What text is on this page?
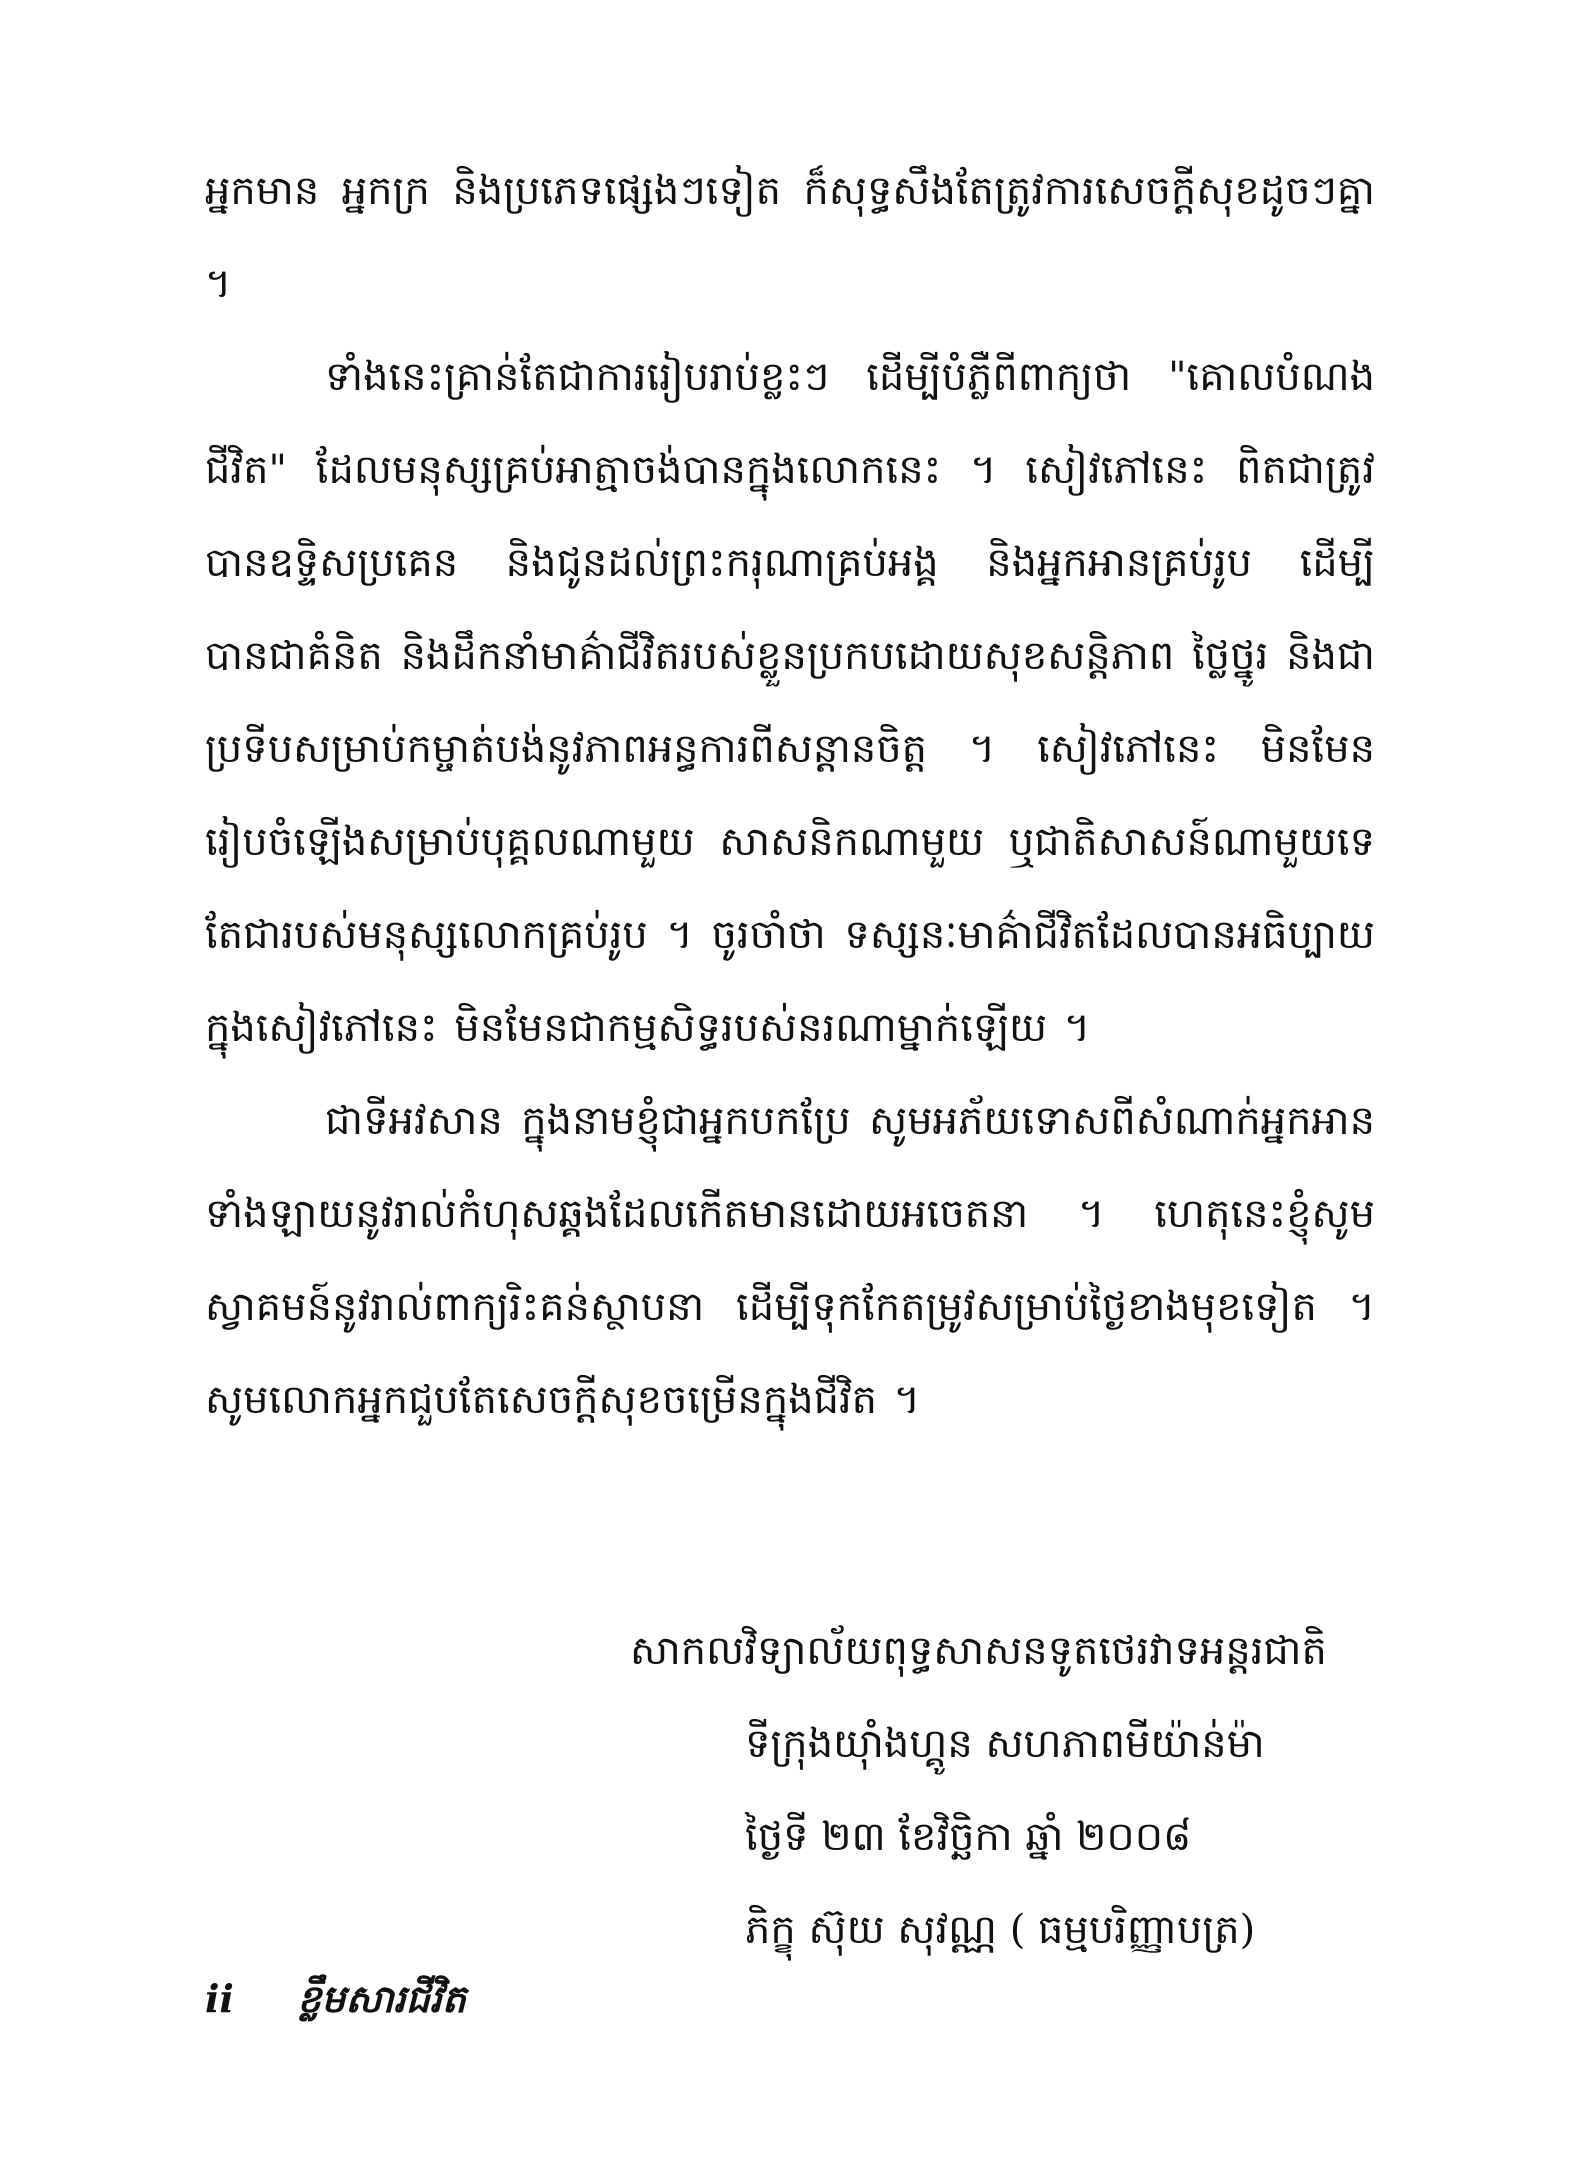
អ្នកមាន អ្នកក្រ និងប្រភេទផ្សេងៗទៀត ក៏សុទ្ធសឹងតែត្រូវការសេចក្តីសុខដូចៗគ្នា ។

ទាំងនេះគ្រាន់តែជាការរៀបរាប់ខ្លះៗ ដើម្បីបំភ្លឺពីពាក្យថា "គោលបំណងជីវិត" ដែលមនុស្សគ្រប់អាត្មាចង់បានក្នុងលោកនេះ ។ សៀវភៅនេះ ពិតជាត្រូវបានឧទ្ទិសប្រគេន និងជូនដល់ព្រះករុណាគ្រប់អង្គ និងអ្នកអានគ្រប់រូប ដើម្បីបានជាគំនិត និងដឹកនាំមាគ៌ាជីវិតរបស់ខ្លួនប្រកបដោយសុខសន្តិភាព ថ្លៃថ្នូរ និងជាប្រទីបសម្រាប់កម្ចាត់បង់នូវភាពអន្ធការពីសន្តានចិត្ត ។ សៀវភៅនេះ មិនមែនរៀបចំឡើងសម្រាប់បុគ្គលណាមួយ សាសនិកណាមួយ ឬជាតិសាសន៍ណាមួយទេ តែជារបស់មនុស្សលោកគ្រប់រូប ។ ចូរចាំថា ទស្សនៈមាគ៌ាជីវិតដែលបានអធិប្បាយក្នុងសៀវភៅនេះ មិនមែនជាកម្មសិទ្ធរបស់នរណាម្នាក់ឡើយ ។

ជាទីអវសាន ក្នុងនាមខ្ញុំជាអ្នកបកប្រែ សូមអភ័យទោសពីសំណាក់អ្នកអានទាំងឡាយនូវរាល់កំហុសឆ្គងដែលកើតមានដោយអចេតនា ។ ហេតុនេះខ្ញុំសូមស្វាគមន៍នូវរាល់ពាក្យរិះគន់ស្ថាបនា ដើម្បីទុកកែតម្រូវសម្រាប់ថ្ងៃខាងមុខទៀត ។ សូមលោកអ្នកជួបតែសេចក្តីសុខចម្រើនក្នុងជីវិត ។

សាកលវិទ្យាល័យពុទ្ធសាសនទូតថេរវាទអន្តរជាតិ
ទីក្រុងយ៉ាំងហ្គូន សហភាពមីយ៉ាន់ម៉ា
ថ្ងៃទី ២៣ ខែវិច្ឆិកា ឆ្នាំ ២០០៨
ភិក្ខុ ស៊ុយ សុវណ្ណ ( ធម្មបរិញ្ញាបត្រ)
ii ខ្លឹមសារជីវិត
